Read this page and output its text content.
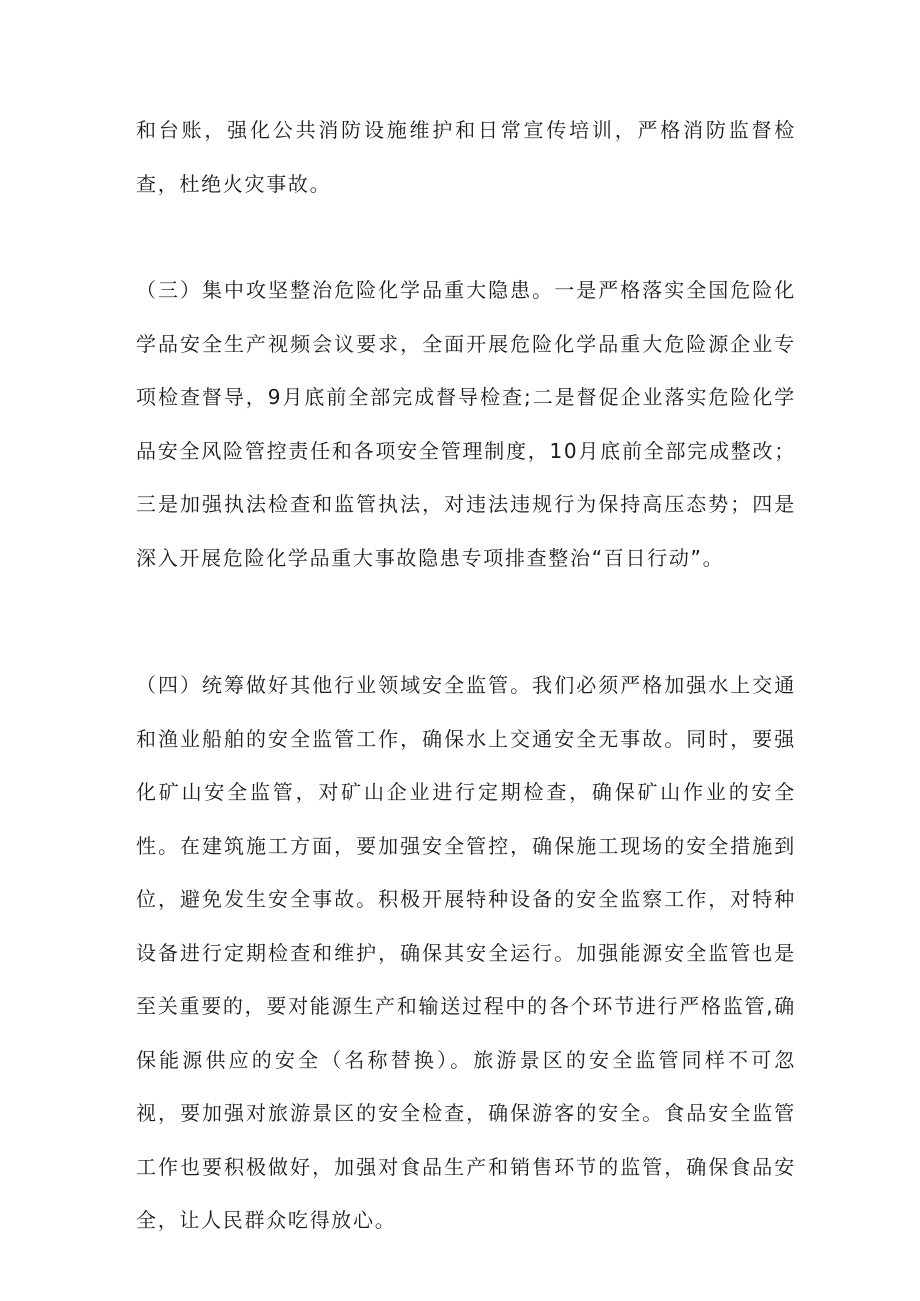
和台账，强化公共消防设施维护和日常宣传培训，严格消防监督检查，杜绝火灾事故。

（三）集中攻坚整治危险化学品重大隐患。一是严格落实全国危险化学品安全生产视频会议要求，全面开展危险化学品重大危险源企业专项检查督导，9月底前全部完成督导检查;二是督促企业落实危险化学品安全风险管控责任和各项安全管理制度，10月底前全部完成整改；三是加强执法检查和监管执法，对违法违规行为保持高压态势；四是深入开展危险化学品重大事故隐患专项排查整治“百日行动”。

（四）统筹做好其他行业领域安全监管。我们必须严格加强水上交通和渔业船舶的安全监管工作，确保水上交通安全无事故。同时，要强化矿山安全监管，对矿山企业进行定期检查，确保矿山作业的安全性。在建筑施工方面，要加强安全管控，确保施工现场的安全措施到位，避免发生安全事故。积极开展特种设备的安全监察工作，对特种设备进行定期检查和维护，确保其安全运行。加强能源安全监管也是至关重要的，要对能源生产和输送过程中的各个环节进行严格监管,确保能源供应的安全（名称替换）。旅游景区的安全监管同样不可忽视，要加强对旅游景区的安全检查，确保游客的安全。食品安全监管工作也要积极做好，加强对食品生产和销售环节的监管，确保食品安全，让人民群众吃得放心。
